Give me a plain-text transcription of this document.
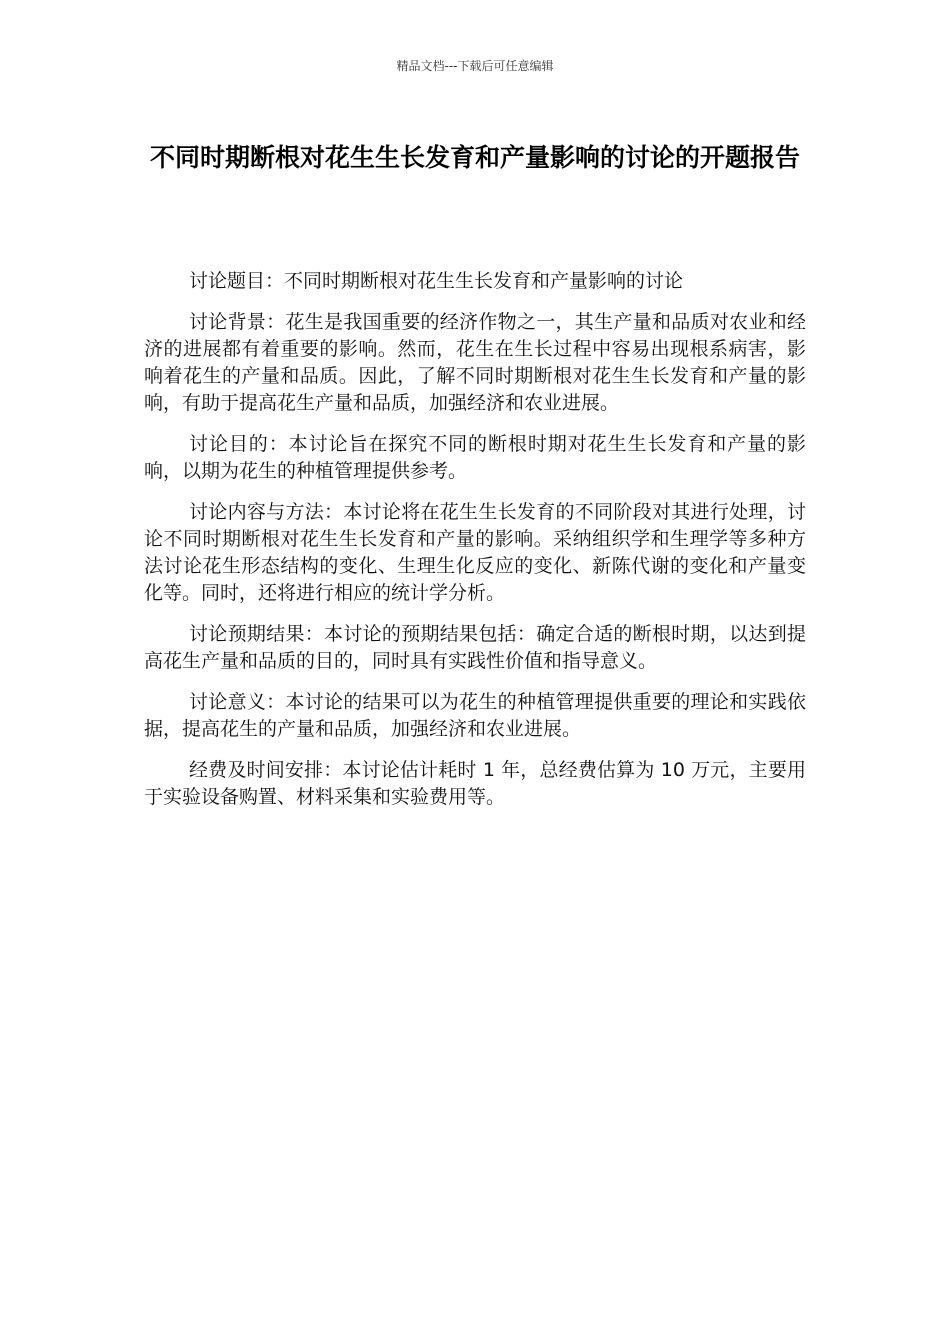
精品文档---下载后可任意编辑
不同时期断根对花生生长发育和产量影响的讨论的开题报告

讨论题目：不同时期断根对花生生长发育和产量影响的讨论

讨论背景：花生是我国重要的经济作物之一，其生产量和品质对农业和经济的进展都有着重要的影响。然而，花生在生长过程中容易出现根系病害，影响着花生的产量和品质。因此，了解不同时期断根对花生生长发育和产量的影响，有助于提高花生产量和品质，加强经济和农业进展。

讨论目的：本讨论旨在探究不同的断根时期对花生生长发育和产量的影响，以期为花生的种植管理提供参考。

讨论内容与方法：本讨论将在花生生长发育的不同阶段对其进行处理，讨论不同时期断根对花生生长发育和产量的影响。采纳组织学和生理学等多种方法讨论花生形态结构的变化、生理生化反应的变化、新陈代谢的变化和产量变化等。同时，还将进行相应的统计学分析。

讨论预期结果：本讨论的预期结果包括：确定合适的断根时期，以达到提高花生产量和品质的目的，同时具有实践性价值和指导意义。

讨论意义：本讨论的结果可以为花生的种植管理提供重要的理论和实践依据，提高花生的产量和品质，加强经济和农业进展。

经费及时间安排：本讨论估计耗时 1 年，总经费估算为 10 万元，主要用于实验设备购置、材料采集和实验费用等。
